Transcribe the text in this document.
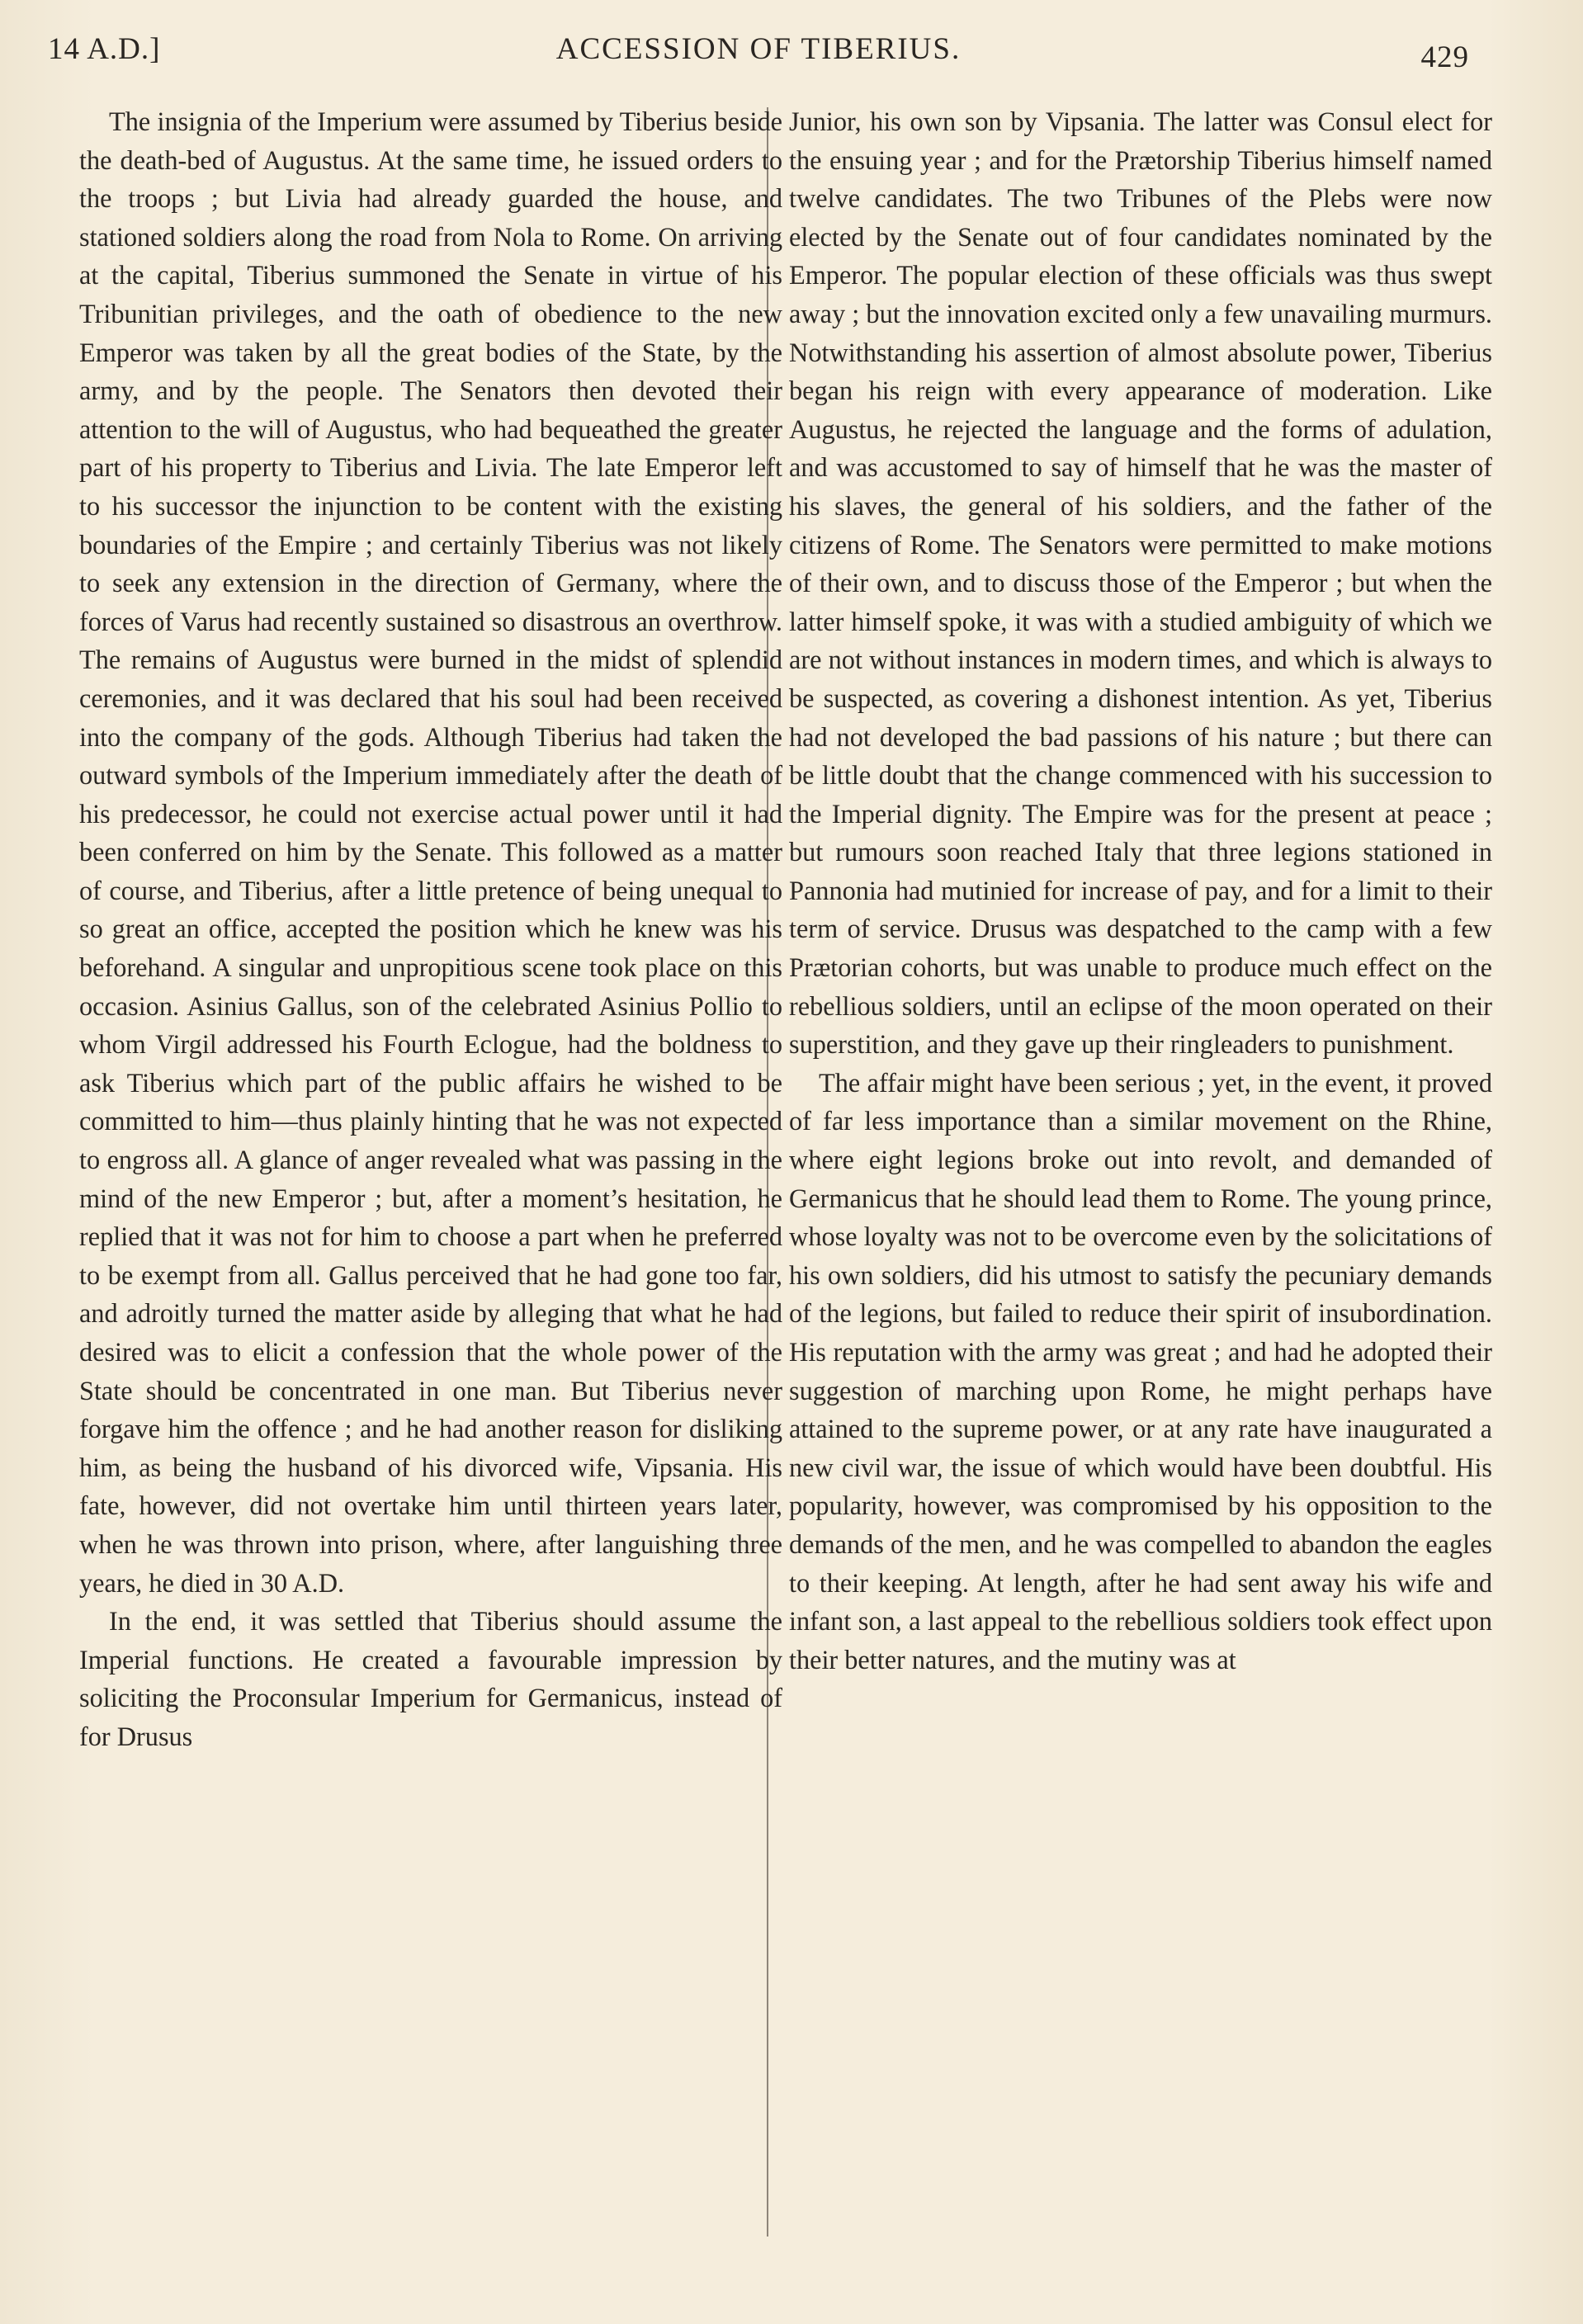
14 A.D.]	ACCESSION OF TIBERIUS.	429

The insignia of the Imperium were assumed by Tiberius beside the death-bed of Augustus. At the same time, he issued orders to the troops ; but Livia had already guarded the house, and stationed soldiers along the road from Nola to Rome. On arriving at the capital, Tiberius summoned the Senate in virtue of his Tribunitian privileges, and the oath of obedience to the new Emperor was taken by all the great bodies of the State, by the army, and by the people. The Senators then devoted their attention to the will of Augustus, who had bequeathed the greater part of his property to Tiberius and Livia. The late Emperor left to his successor the injunction to be content with the existing boundaries of the Empire ; and certainly Tiberius was not likely to seek any extension in the direction of Germany, where the forces of Varus had recently sustained so disastrous an overthrow. The remains of Augustus were burned in the midst of splendid ceremonies, and it was declared that his soul had been received into the company of the gods. Although Tiberius had taken the outward symbols of the Imperium immediately after the death of his predecessor, he could not exercise actual power until it had been conferred on him by the Senate. This followed as a matter of course, and Tiberius, after a little pretence of being unequal to so great an office, accepted the position which he knew was his beforehand. A singular and unpropitious scene took place on this occasion. Asinius Gallus, son of the celebrated Asinius Pollio to whom Virgil addressed his Fourth Eclogue, had the boldness to ask Tiberius which part of the public affairs he wished to be committed to him—thus plainly hinting that he was not expected to engross all. A glance of anger revealed what was passing in the mind of the new Emperor ; but, after a moment’s hesitation, he replied that it was not for him to choose a part when he preferred to be exempt from all. Gallus perceived that he had gone too far, and adroitly turned the matter aside by alleging that what he had desired was to elicit a confession that the whole power of the State should be concentrated in one man. But Tiberius never forgave him the offence ; and he had another reason for disliking him, as being the husband of his divorced wife, Vipsania. His fate, however, did not overtake him until thirteen years later, when he was thrown into prison, where, after languishing three years, he died in 30 A.D.

In the end, it was settled that Tiberius should assume the Imperial functions. He created a favourable impression by soliciting the Proconsular Imperium for Germanicus, instead of for Drusus

Junior, his own son by Vipsania. The latter was Consul elect for the ensuing year ; and for the Prætorship Tiberius himself named twelve candidates. The two Tribunes of the Plebs were now elected by the Senate out of four candidates nominated by the Emperor. The popular election of these officials was thus swept away ; but the innovation excited only a few unavailing murmurs. Notwithstanding his assertion of almost absolute power, Tiberius began his reign with every appearance of moderation. Like Augustus, he rejected the language and the forms of adulation, and was accustomed to say of himself that he was the master of his slaves, the general of his soldiers, and the father of the citizens of Rome. The Senators were permitted to make motions of their own, and to discuss those of the Emperor ; but when the latter himself spoke, it was with a studied ambiguity of which we are not without instances in modern times, and which is always to be suspected, as covering a dishonest intention. As yet, Tiberius had not developed the bad passions of his nature ; but there can be little doubt that the change commenced with his succession to the Imperial dignity. The Empire was for the present at peace ; but rumours soon reached Italy that three legions stationed in Pannonia had mutinied for increase of pay, and for a limit to their term of service. Drusus was despatched to the camp with a few Prætorian cohorts, but was unable to produce much effect on the rebellious soldiers, until an eclipse of the moon operated on their superstition, and they gave up their ringleaders to punishment.

The affair might have been serious ; yet, in the event, it proved of far less importance than a similar movement on the Rhine, where eight legions broke out into revolt, and demanded of Germanicus that he should lead them to Rome. The young prince, whose loyalty was not to be overcome even by the solicitations of his own soldiers, did his utmost to satisfy the pecuniary demands of the legions, but failed to reduce their spirit of insubordination. His reputation with the army was great ; and had he adopted their suggestion of marching upon Rome, he might perhaps have attained to the supreme power, or at any rate have inaugurated a new civil war, the issue of which would have been doubtful. His popularity, however, was compromised by his opposition to the demands of the men, and he was compelled to abandon the eagles to their keeping. At length, after he had sent away his wife and infant son, a last appeal to the rebellious soldiers took effect upon their better natures, and the mutiny was at
